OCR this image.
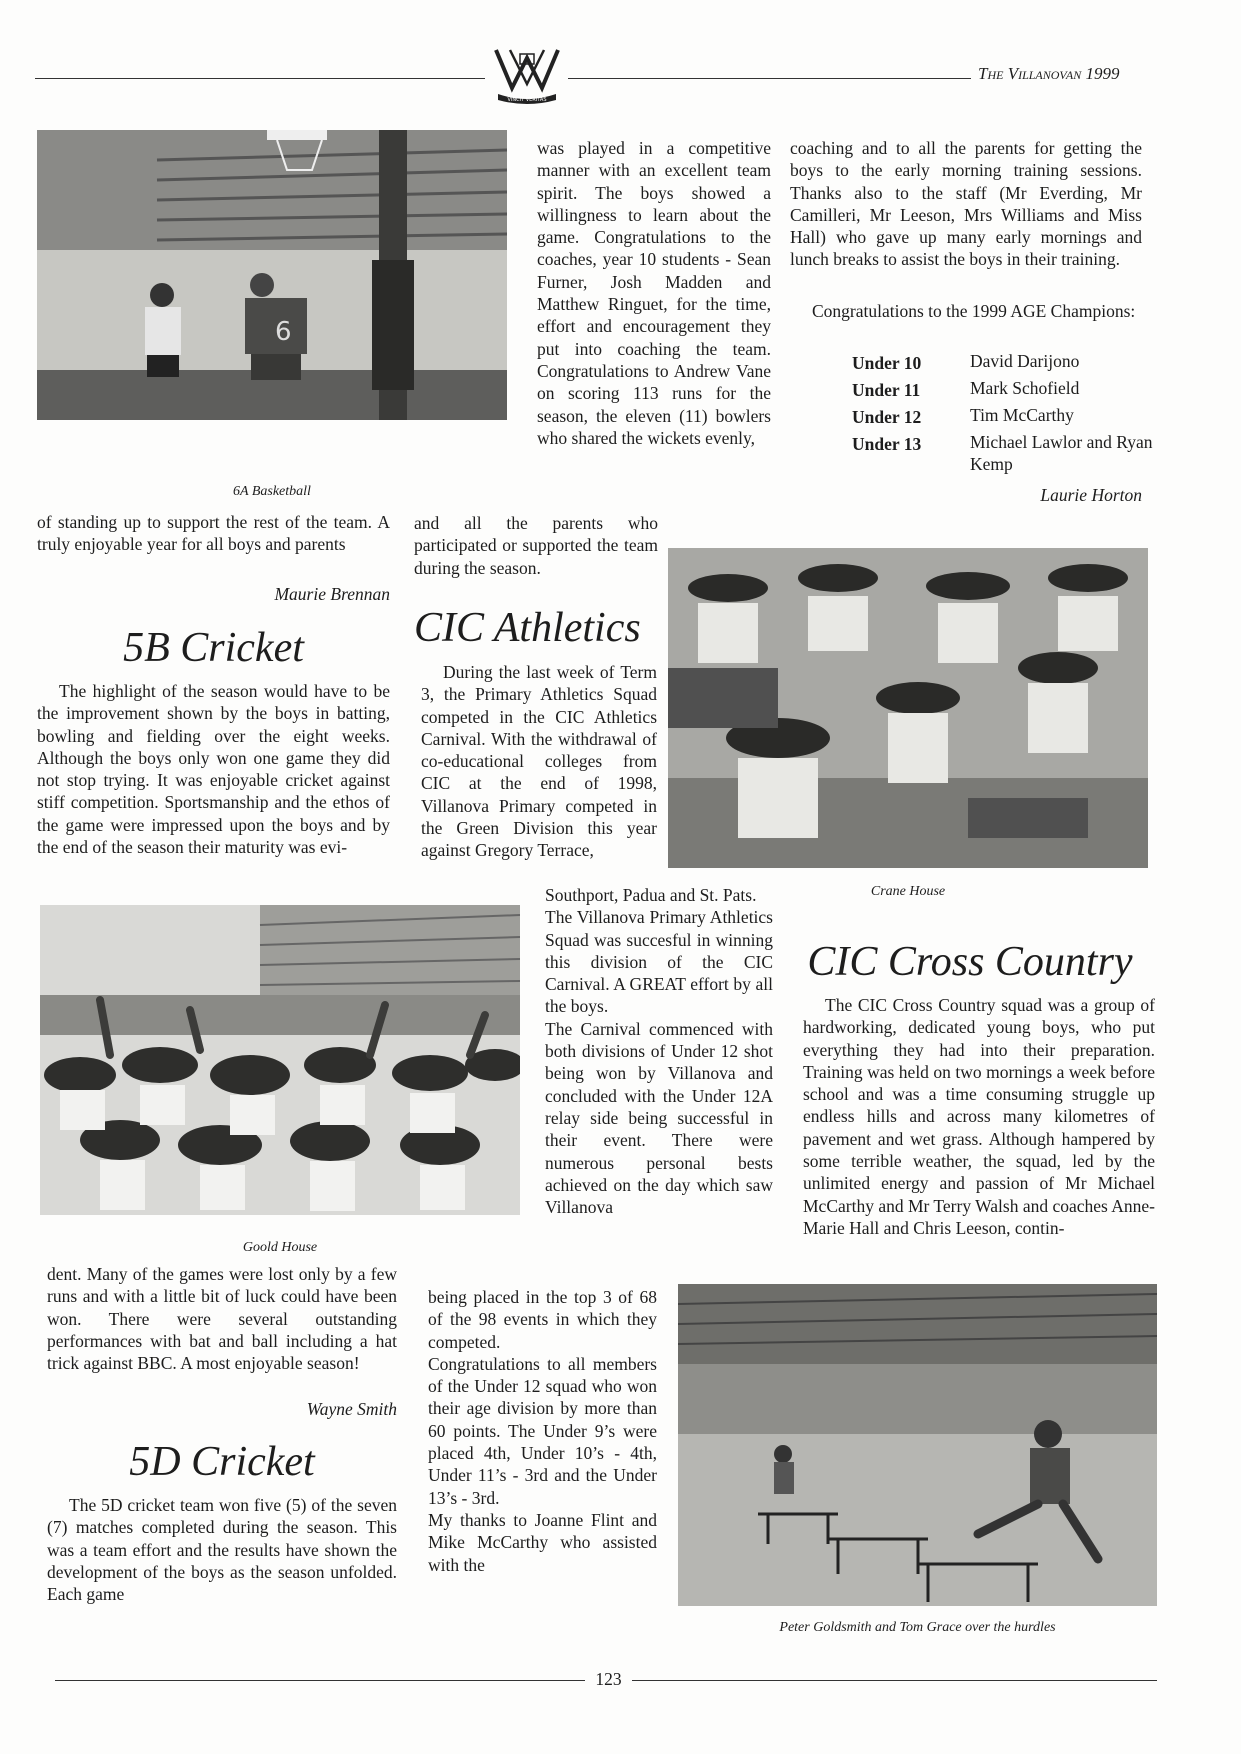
VINCIT VERITAS
The Villanovan 1999
6
6A Basketball
of standing up to support the rest of the team. A truly enjoyable year for all boys and parents
Maurie Brennan
5B Cricket
The highlight of the season would have to be the improvement shown by the boys in batting, bowling and fielding over the eight weeks. Although the boys only won one game they did not stop trying. It was enjoyable cricket against stiff competition. Sportsmanship and the ethos of the game were impressed upon the boys and by the end of the season their maturity was evi-
Goold House
dent. Many of the games were lost only by a few runs and with a little bit of luck could have been won. There were several outstanding performances with bat and ball including a hat trick against BBC. A most enjoyable season!
Wayne Smith
5D Cricket
The 5D cricket team won five (5) of the seven (7) matches completed during the season. This was a team effort and the results have shown the development of the boys as the season unfolded. Each game
was played in a competitive manner with an excellent team spirit. The boys showed a willingness to learn about the game. Congratulations to the coaches, year 10 students - Sean Furner, Josh Madden and Matthew Ringuet, for the time, effort and encouragement they put into coaching the team. Congratulations to Andrew Vane on scoring 113 runs for the season, the eleven (11) bowlers who shared the wickets evenly,
and all the parents who participated or supported the team during the season.
coaching and to all the parents for getting the boys to the early morning training sessions. Thanks also to the staff (Mr Everding, Mr Camilleri, Mr Leeson, Mrs Williams and Miss Hall) who gave up many early mornings and lunch breaks to assist the boys in their training.
Congratulations to the 1999 AGE Champions:
Under 10	David Darijono
Under 11	Mark Schofield
Under 12	Tim McCarthy
Under 13	Michael Lawlor and Ryan Kemp
Laurie Horton
Crane House
CIC Athletics
During the last week of Term 3, the Primary Athletics Squad competed in the CIC Athletics Carnival. With the withdrawal of co-educational colleges from CIC at the end of 1998, Villanova Primary competed in the Green Division this year against Gregory Terrace,
Southport, Padua and St. Pats.
The Villanova Primary Athletics Squad was succesful in winning this division of the CIC Carnival. A GREAT effort by all the boys.
The Carnival commenced with both divisions of Under 12 shot being won by Villanova and concluded with the Under 12A relay side being successful in their event. There were numerous personal bests achieved on the day which saw Villanova
being placed in the top 3 of 68 of the 98 events in which they competed.
Congratulations to all members of the Under 12 squad who won their age division by more than 60 points. The Under 9’s were placed 4th, Under 10’s - 4th, Under 11’s - 3rd and the Under 13’s - 3rd.
My thanks to Joanne Flint and Mike McCarthy who assisted with the
CIC Cross Country
The CIC Cross Country squad was a group of hardworking, dedicated young boys, who put everything they had into their preparation. Training was held on two mornings a week before school and was a time consuming struggle up endless hills and across many kilometres of pavement and wet grass. Although hampered by some terrible weather, the squad, led by the unlimited energy and passion of Mr Michael McCarthy and Mr Terry Walsh and coaches Anne-Marie Hall and Chris Leeson, contin-
Peter Goldsmith and Tom Grace over the hurdles
123
